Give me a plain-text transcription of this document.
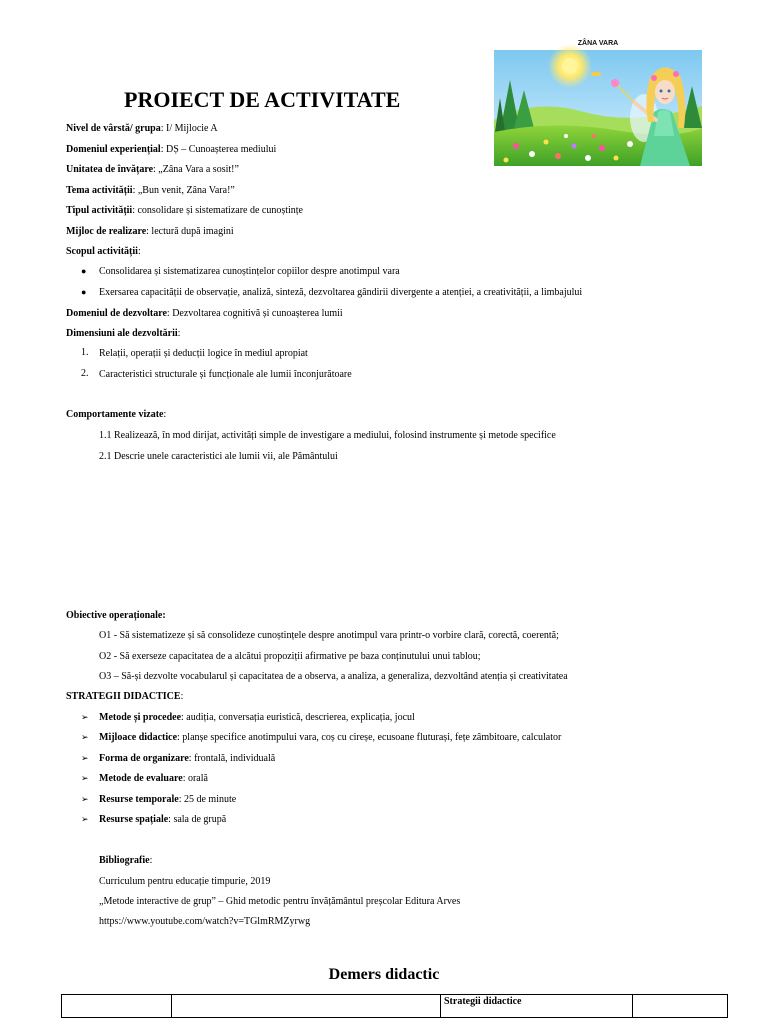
ZÂNA VARA
PROIECT DE ACTIVITATE
Nivel de vârstă/ grupa: I/ Mijlocie A
Domeniul experiențial: DȘ – Cunoașterea mediului
Unitatea de învățare: „Zâna Vara a sosit!”
Tema activității: „Bun venit, Zâna Vara!”
Tipul activității: consolidare și sistematizare de cunoștințe
Mijloc de realizare: lectură după imagini
Scopul activității:
● Consolidarea și sistematizarea cunoștințelor copiilor despre anotimpul vara
● Exersarea capacității de observație, analiză, sinteză, dezvoltarea gândirii divergente a atenției, a creativității, a limbajului
Domeniul de dezvoltare: Dezvoltarea cognitivă și cunoașterea lumii
Dimensiuni ale dezvoltării:
1. Relații, operații și deducții logice în mediul apropiat
2. Caracteristici structurale și funcționale ale lumii înconjurătoare
Comportamente vizate:
1.1 Realizează, în mod dirijat, activități simple de investigare a mediului, folosind instrumente și metode specifice
2.1 Descrie unele caracteristici ale lumii vii, ale Pământului
Obiective operaționale:
O1 - Să sistematizeze și să consolideze cunoștințele despre anotimpul vara printr-o vorbire clară, corectă, coerentă;
O2 - Să exerseze capacitatea de a alcătui propoziții afirmative pe baza conținutului unui tablou;
O3 – Să-și dezvolte vocabularul și capacitatea de a observa, a analiza, a generaliza, dezvoltând atenția și creativitatea
STRATEGII DIDACTICE:
➢ Metode și procedee: audiția, conversația euristică, descrierea, explicația, jocul
➢ Mijloace didactice: planșe specifice anotimpului vara, coș cu cireșe, ecusoane fluturași, fețe zâmbitoare, calculator
➢ Forma de organizare: frontală, individuală
➢ Metode de evaluare: orală
➢ Resurse temporale: 25 de minute
➢ Resurse spațiale: sala de grupă
Bibliografie:
Curriculum pentru educație timpurie, 2019
„Metode interactive de grup” – Ghid metodic pentru învățământul preșcolar Editura Arves
https://www.youtube.com/watch?v=TGlmRMZyrwg
Demers didactic
		Strategii didactice	
